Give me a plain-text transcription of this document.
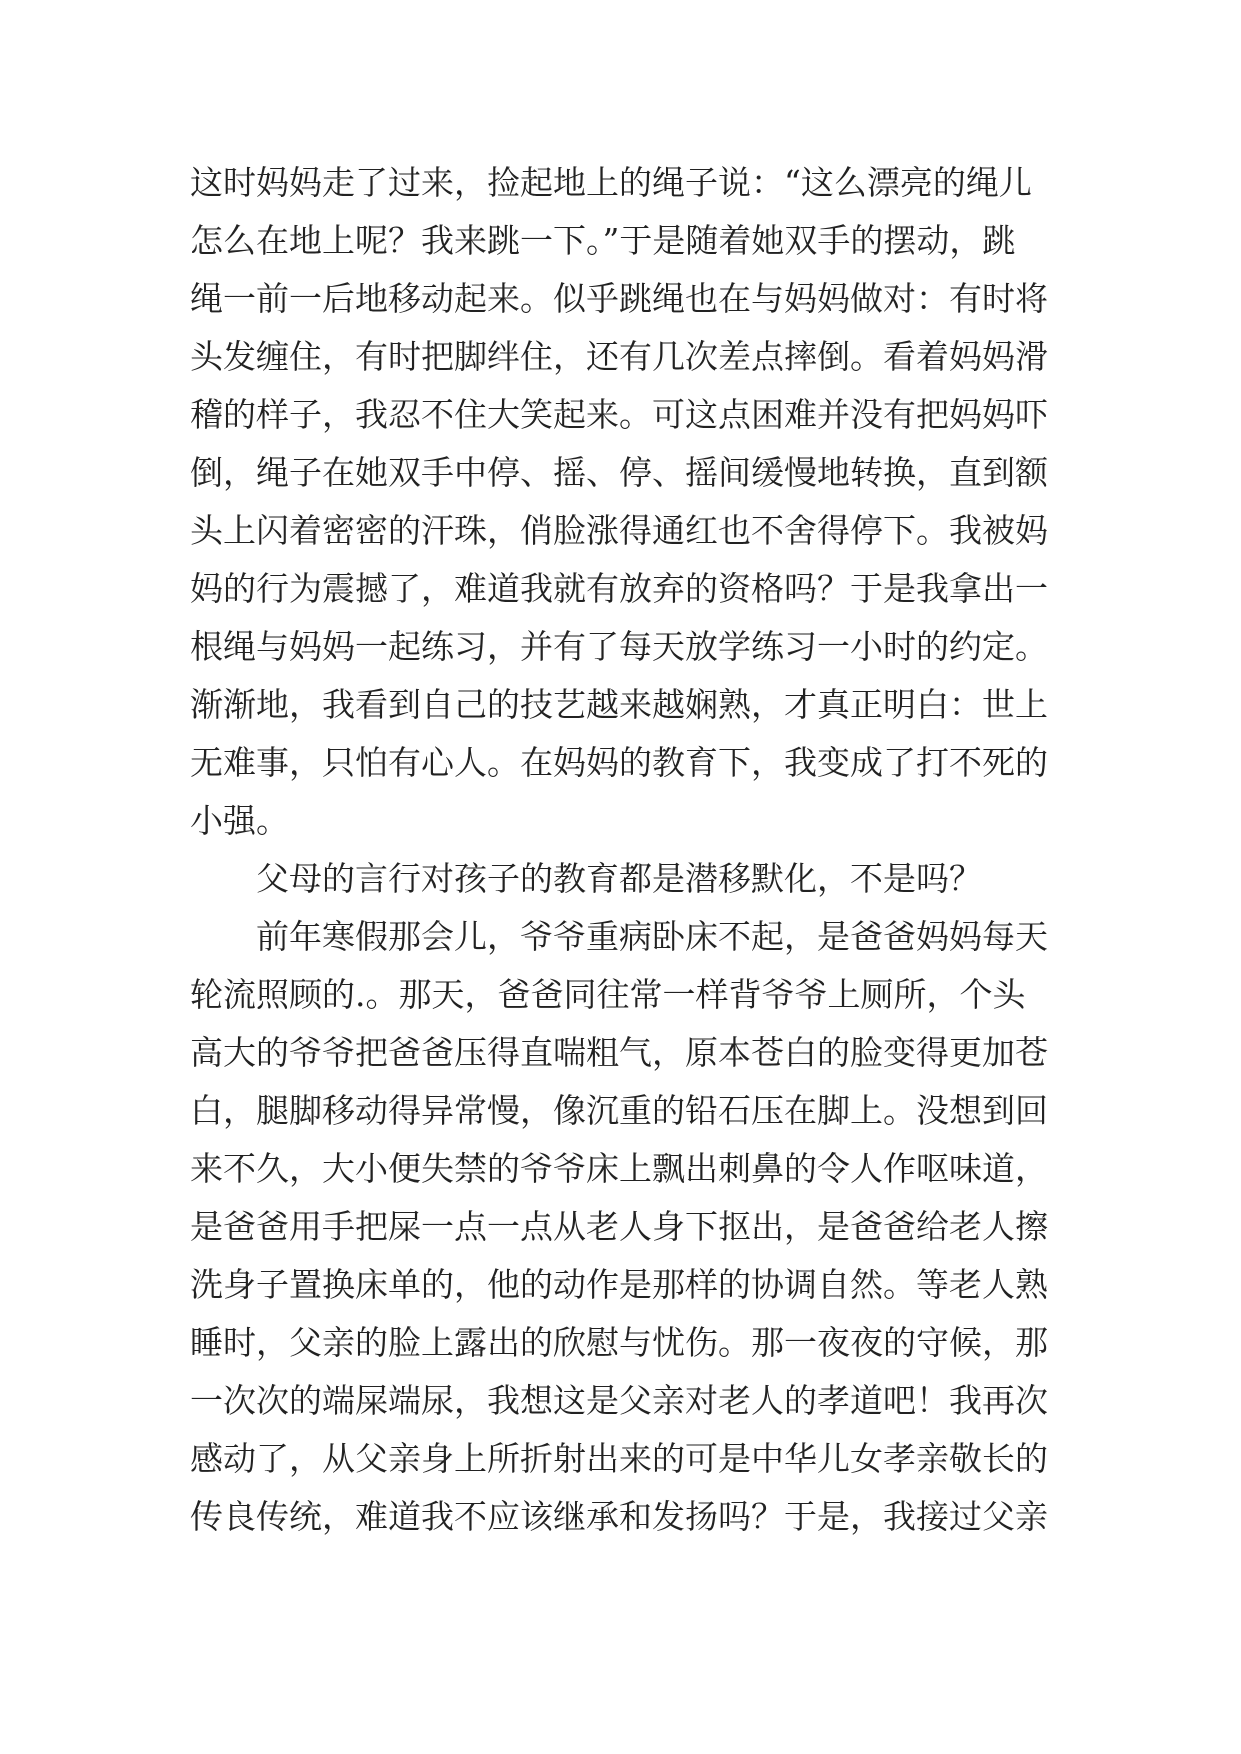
这时妈妈走了过来，捡起地上的绳子说：“这么漂亮的绳儿
怎么在地上呢？我来跳一下。”于是随着她双手的摆动，跳
绳一前一后地移动起来。似乎跳绳也在与妈妈做对：有时将
头发缠住，有时把脚绊住，还有几次差点摔倒。看着妈妈滑
稽的样子，我忍不住大笑起来。可这点困难并没有把妈妈吓
倒，绳子在她双手中停、摇、停、摇间缓慢地转换，直到额
头上闪着密密的汗珠，俏脸涨得通红也不舍得停下。我被妈
妈的行为震撼了，难道我就有放弃的资格吗？于是我拿出一
根绳与妈妈一起练习，并有了每天放学练习一小时的约定。
渐渐地，我看到自己的技艺越来越娴熟，才真正明白：世上
无难事，只怕有心人。在妈妈的教育下，我变成了打不死的
小强。
父母的言行对孩子的教育都是潜移默化，不是吗？
前年寒假那会儿，爷爷重病卧床不起，是爸爸妈妈每天
轮流照顾的.。那天，爸爸同往常一样背爷爷上厕所，个头
高大的爷爷把爸爸压得直喘粗气，原本苍白的脸变得更加苍
白，腿脚移动得异常慢，像沉重的铅石压在脚上。没想到回
来不久，大小便失禁的爷爷床上飘出刺鼻的令人作呕味道，
是爸爸用手把屎一点一点从老人身下抠出，是爸爸给老人擦
洗身子置换床单的，他的动作是那样的协调自然。等老人熟
睡时，父亲的脸上露出的欣慰与忧伤。那一夜夜的守候，那
一次次的端屎端尿，我想这是父亲对老人的孝道吧！我再次
感动了，从父亲身上所折射出来的可是中华儿女孝亲敬长的
传良传统，难道我不应该继承和发扬吗？于是，我接过父亲
